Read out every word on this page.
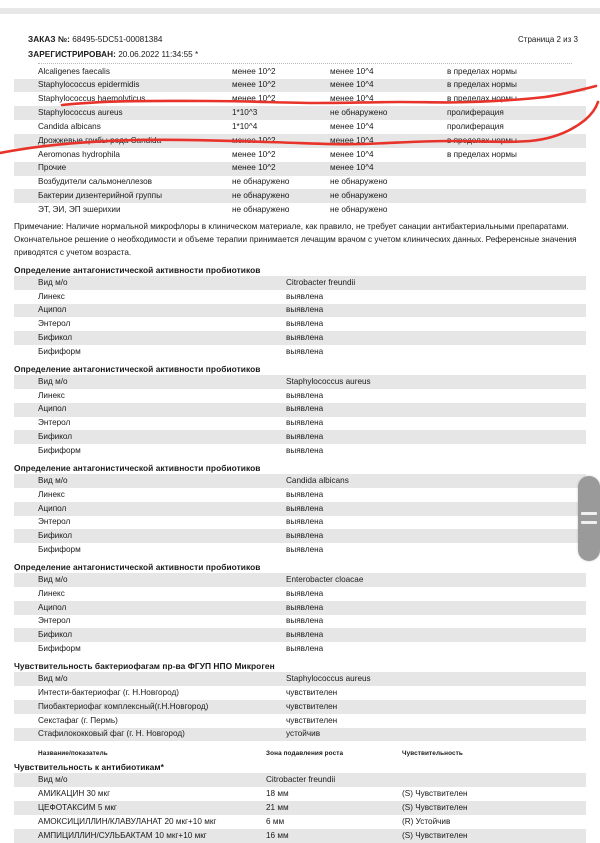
ЗАКАЗ №: 68495-5DC51-00081384	Страница 2 из 3
ЗАРЕГИСТРИРОВАН: 20.06.2022 11:34:55 *
Alcaligenes faecalis	менее 10^2	менее 10^4	в пределах нормы
Staphylococcus epidermidis	менее 10^2	менее 10^4	в пределах нормы
Staphylococcus haemolyticus	менее 10^2	менее 10^4	в пределах нормы
Staphylococcus aureus	1*10^3	не обнаружено	пролиферация
Candida albicans	1*10^4	менее 10^4	пролиферация
Дрожжевые грибы рода Candida	менее 10^2	менее 10^4	в пределах нормы
Aeromonas hydrophila	менее 10^2	менее 10^4	в пределах нормы
Прочие	менее 10^2	менее 10^4	
Возбудители сальмонеллезов	не обнаружено	не обнаружено	
Бактерии дизентерийной группы	не обнаружено	не обнаружено	
ЭТ, ЭИ, ЭП эшерихии	не обнаружено	не обнаружено	
Примечание: Наличие нормальной микрофлоры в клиническом материале, как правило, не требует санации антибактериальными препаратами. Окончательное решение о необходимости и объеме терапии принимается лечащим врачом с учетом клинических данных. Референсные значения приводятся с учетом возраста.
Определение антагонистической активности пробиотиков
Вид м/о	Citrobacter freundii
Линекс	выявлена
Аципол	выявлена
Энтерол	выявлена
Бификол	выявлена
Бифиформ	выявлена
Определение антагонистической активности пробиотиков
Вид м/о	Staphylococcus aureus
Линекс	выявлена
Аципол	выявлена
Энтерол	выявлена
Бификол	выявлена
Бифиформ	выявлена
Определение антагонистической активности пробиотиков
Вид м/о	Candida albicans
Линекс	выявлена
Аципол	выявлена
Энтерол	выявлена
Бификол	выявлена
Бифиформ	выявлена
Определение антагонистической активности пробиотиков
Вид м/о	Enterobacter cloacae
Линекс	выявлена
Аципол	выявлена
Энтерол	выявлена
Бификол	выявлена
Бифиформ	выявлена
Чувствительность бактериофагам пр-ва ФГУП НПО Микроген
Вид м/о	Staphylococcus aureus
Интести-бактериофаг (г. Н.Новгород)	чувствителен
Пиобактериофаг комплексный(г.Н.Новгород)	чувствителен
Секстафаг (г. Пермь)	чувствителен
Стафилококковый фаг (г. Н. Новгород)	устойчив
Название/показатель	Зона подавления роста	Чувствительность
Чувствительность к антибиотикам*
Вид м/о	Citrobacter freundii	
АМИКАЦИН 30 мкг	18 мм	(S) Чувствителен
ЦЕФОТАКСИМ 5 мкг	21 мм	(S) Чувствителен
АМОКСИЦИЛЛИН/КЛАВУЛАНАТ 20 мкг+10 мкг	6 мм	(R) Устойчив
АМПИЦИЛЛИН/СУЛЬБАКТАМ 10 мкг+10 мкг	16 мм	(S) Чувствителен
